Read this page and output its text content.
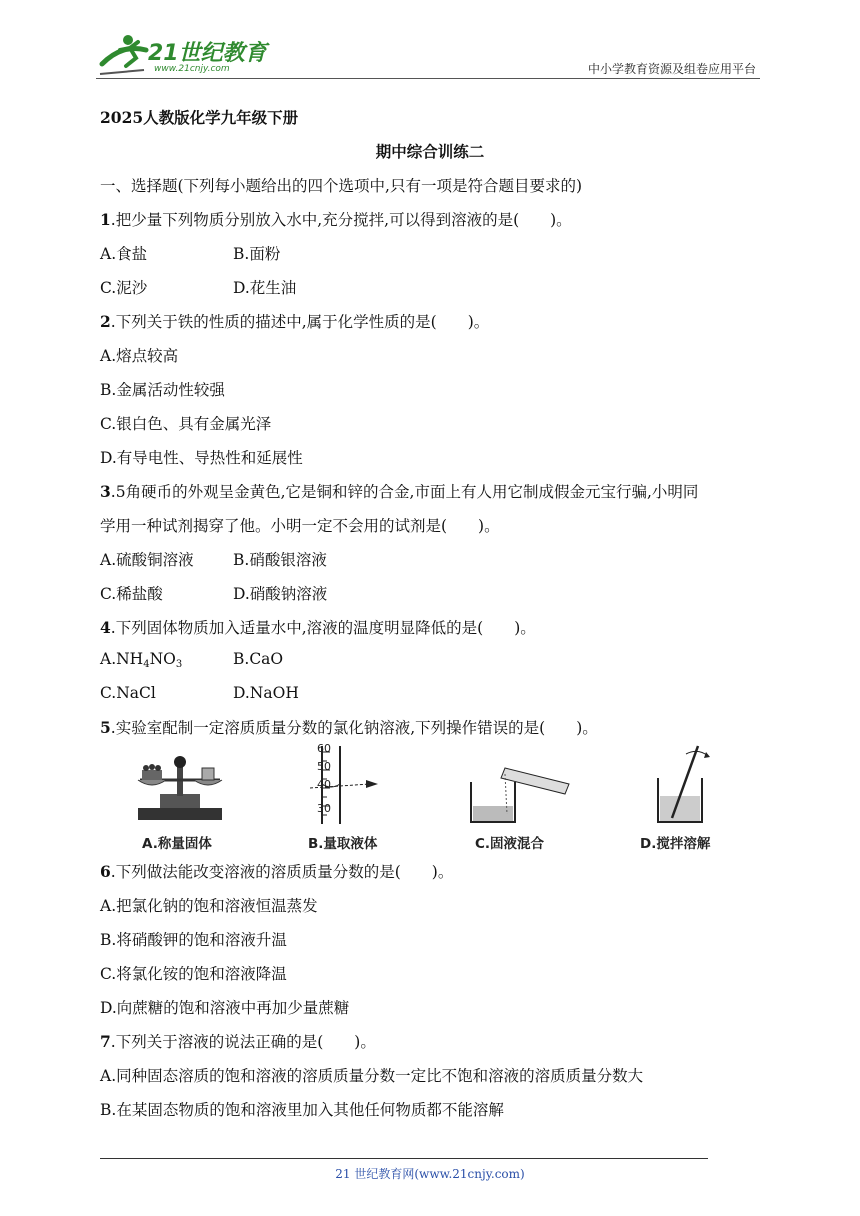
21世纪教育
www.21cnjy.com	中小学教育资源及组卷应用平台
2025人教版化学九年级下册
期中综合训练二
一、选择题(下列每小题给出的四个选项中,只有一项是符合题目要求的)
1.把少量下列物质分别放入水中,充分搅拌,可以得到溶液的是(　　)。
A.食盐	B.面粉
C.泥沙	D.花生油
2.下列关于铁的性质的描述中,属于化学性质的是(　　)。
A.熔点较高
B.金属活动性较强
C.银白色、具有金属光泽
D.有导电性、导热性和延展性
3.5角硬币的外观呈金黄色,它是铜和锌的合金,市面上有人用它制成假金元宝行骗,小明同
学用一种试剂揭穿了他。小明一定不会用的试剂是(　　)。
A.硫酸铜溶液	B.硝酸银溶液
C.稀盐酸	D.硝酸钠溶液
4.下列固体物质加入适量水中,溶液的温度明显降低的是(　　)。
$A.NH_4NO_3$	B.CaO
C.NaCl	D.NaOH
5.实验室配制一定溶质质量分数的氯化钠溶液,下列操作错误的是(　　)。
60
50
40
30
A.称量固体	B.量取液体	C.固液混合	D.搅拌溶解
6.下列做法能改变溶液的溶质质量分数的是(　　)。
A.把氯化钠的饱和溶液恒温蒸发
B.将硝酸钾的饱和溶液升温
C.将氯化铵的饱和溶液降温
D.向蔗糖的饱和溶液中再加少量蔗糖
7.下列关于溶液的说法正确的是(　　)。
A.同种固态溶质的饱和溶液的溶质质量分数一定比不饱和溶液的溶质质量分数大
B.在某固态物质的饱和溶液里加入其他任何物质都不能溶解
21 世纪教育网(www.21cnjy.com)
